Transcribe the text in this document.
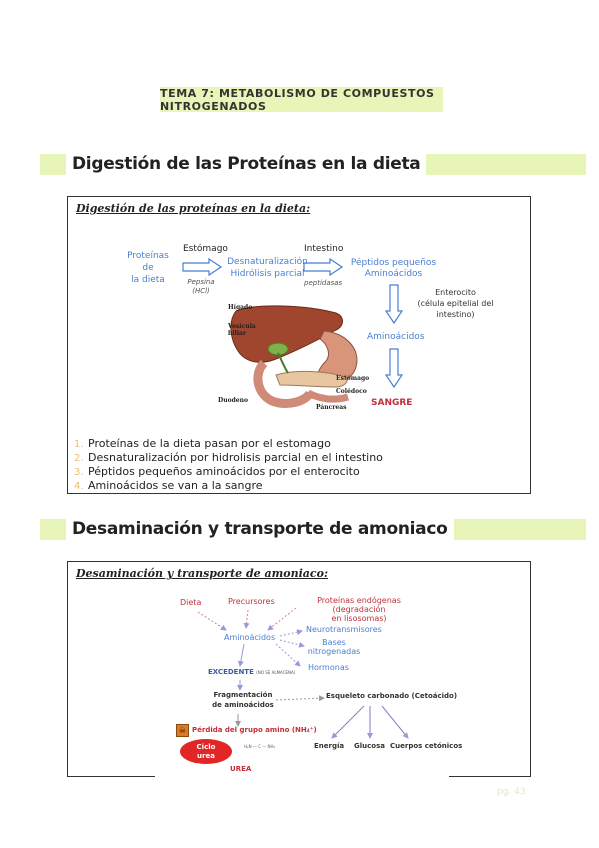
TEMA 7: METABOLISMO DE COMPUESTOS NITROGENADOS
Digestión de las Proteínas en la dieta
Digestión de las proteínas en la dieta:
Proteínas
de
la dieta
Estómago
Pepsina
(HCl)
Desnaturalización
Hidrólisis parcial
Intestino
peptidasas
Péptidos pequeños
Aminoácidos
Enterocito
(célula epitelial del
intestino)
Aminoácidos
SANGRE
Hígado
Vesícula
biliar
Duodeno
Estómago
Colédoco
Páncreas
1. Proteínas de la dieta pasan por el estomago
2. Desnaturalización por hidrolisis parcial en el intestino
3. Péptidos pequeños aminoácidos por el enterocito
4. Aminoácidos se van a la sangre
Desaminación y transporte de amoniaco
Desaminación y transporte de amoniaco:
Dieta	Precursores	Proteínas endógenas (degradación
en lisosomas)
Aminoácidos
Neurotransmisores
Bases
nitrogenadas
Hormonas
EXCEDENTE (NO SE ALMACENA)
Fragmentación
de aminoácidos
Esqueleto carbonado (Cetoácido)
Energía Glucosa Cuerpos cetónicos
☠ Pérdida del grupo amino (NH₄⁺)
Ciclo
urea
H₂N — C — NH₂
UREA
pg. 43
